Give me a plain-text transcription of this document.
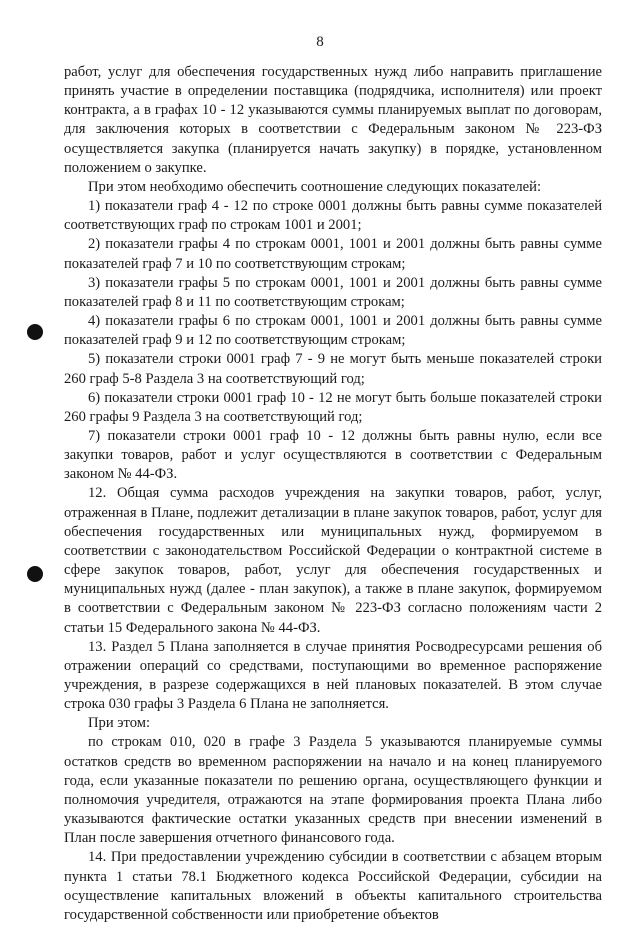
8

работ, услуг для обеспечения государственных нужд либо направить приглашение принять участие в определении поставщика (подрядчика, исполнителя) или проект контракта, а в графах 10 - 12 указываются суммы планируемых выплат по договорам, для заключения которых в соответствии с Федеральным законом № 223-ФЗ осуществляется закупка (планируется начать закупку) в порядке, установленном положением о закупке.

При этом необходимо обеспечить соотношение следующих показателей:

1) показатели граф 4 - 12 по строке 0001 должны быть равны сумме показателей соответствующих граф по строкам 1001 и 2001;

2) показатели графы 4 по строкам 0001, 1001 и 2001 должны быть равны сумме показателей граф 7 и 10 по соответствующим строкам;

3) показатели графы 5 по строкам 0001, 1001 и 2001 должны быть равны сумме показателей граф 8 и 11 по соответствующим строкам;

4) показатели графы 6 по строкам 0001, 1001 и 2001 должны быть равны сумме показателей граф 9 и 12 по соответствующим строкам;

5) показатели строки 0001 граф 7 - 9 не могут быть меньше показателей строки 260 граф 5-8 Раздела 3 на соответствующий год;

6) показатели строки 0001 граф 10 - 12 не могут быть больше показателей строки 260 графы 9 Раздела 3 на соответствующий год;

7) показатели строки 0001 граф 10 - 12 должны быть равны нулю, если все закупки товаров, работ и услуг осуществляются в соответствии с Федеральным законом № 44-ФЗ.

12. Общая сумма расходов учреждения на закупки товаров, работ, услуг, отраженная в Плане, подлежит детализации в плане закупок товаров, работ, услуг для обеспечения государственных или муниципальных нужд, формируемом в соответствии с законодательством Российской Федерации о контрактной системе в сфере закупок товаров, работ, услуг для обеспечения государственных и муниципальных нужд (далее - план закупок), а также в плане закупок, формируемом в соответствии с Федеральным законом № 223-ФЗ согласно положениям части 2 статьи 15 Федерального закона № 44-ФЗ.

13. Раздел 5 Плана заполняется в случае принятия Росводресурсами решения об отражении операций со средствами, поступающими во временное распоряжение учреждения, в разрезе содержащихся в ней плановых показателей. В этом случае строка 030 графы 3 Раздела 6 Плана не заполняется.

При этом:

по строкам 010, 020 в графе 3 Раздела 5 указываются планируемые суммы остатков средств во временном распоряжении на начало и на конец планируемого года, если указанные показатели по решению органа, осуществляющего функции и полномочия учредителя, отражаются на этапе формирования проекта Плана либо указываются фактические остатки указанных средств при внесении изменений в План после завершения отчетного финансового года.

14. При предоставлении учреждению субсидии в соответствии с абзацем вторым пункта 1 статьи 78.1 Бюджетного кодекса Российской Федерации, субсидии на осуществление капитальных вложений в объекты капитального строительства государственной собственности или приобретение объектов
